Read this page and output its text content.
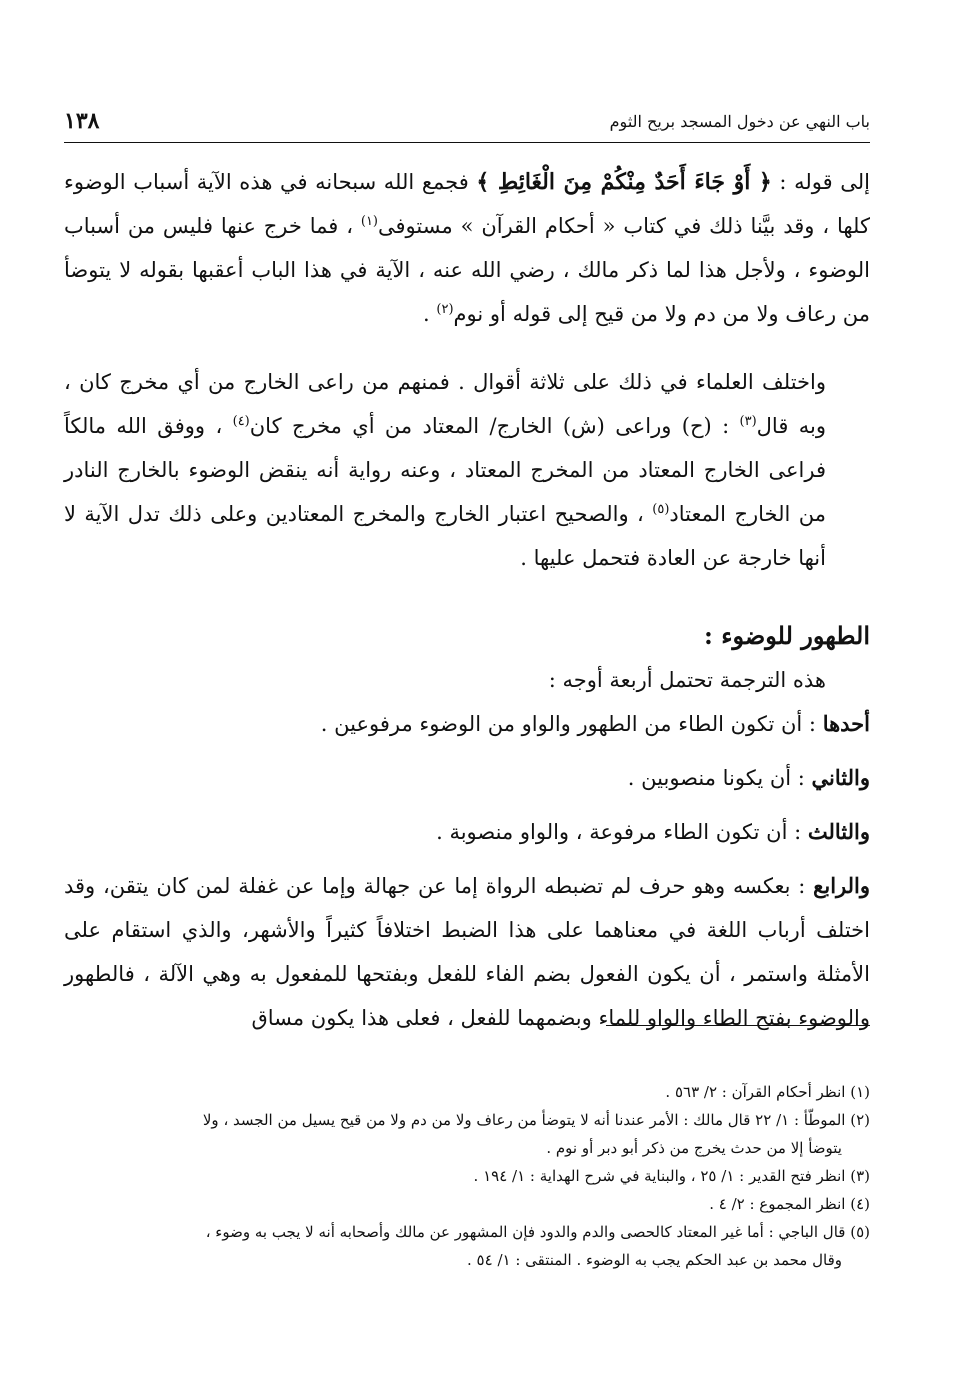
باب النهي عن دخول المسجد بريح الثوم
١٣٨

إلى قوله : ﴿ أَوْ جَاءَ أَحَدٌ مِنْكُمْ مِنَ الْغَائِطِ ﴾ فجمع الله سبحانه في هذه الآية أسباب الوضوء كلها ، وقد بيَّنا ذلك في كتاب « أحكام القرآن » مستوفى$^{(١)}$ ، فما خرج عنها فليس من أسباب الوضوء ، ولأجل هذا لما ذكر مالك ، رضي الله عنه ، الآية في هذا الباب أعقبها بقوله لا يتوضأ من رعاف ولا من دم ولا من قيح إلى قوله أو نوم$^{(٢)}$ .

واختلف العلماء في ذلك على ثلاثة أقوال . فمنهم من راعى الخارج من أي مخرج كان ، وبه قال$^{(٣)}$ : (ح) وراعى (ش) الخارج/ المعتاد من أي مخرج كان$^{(٤)}$ ، ووفق الله مالكاً فراعى الخارج المعتاد من المخرج المعتاد ، وعنه رواية أنه ينقض الوضوء بالخارج النادر من الخارج المعتاد$^{(٥)}$ ، والصحيح اعتبار الخارج والمخرج المعتادين وعلى ذلك تدل الآية لا أنها خارجة عن العادة فتحمل عليها .

الطهور للوضوء :

هذه الترجمة تحتمل أربعة أوجه :

أحدها : أن تكون الطاء من الطهور والواو من الوضوء مرفوعين .

والثاني : أن يكونا منصوبين .

والثالث : أن تكون الطاء مرفوعة ، والواو منصوبة .

والرابع : بعكسه وهو حرف لم تضبطه الرواة إما عن جهالة وإما عن غفلة لمن كان يتقن، وقد اختلف أرباب اللغة في معناهما على هذا الضبط اختلافاً كثيراً والأشهر، والذي استقام على الأمثلة واستمر ، أن يكون الفعول بضم الفاء للفعل وبفتحها للمفعول به وهي الآلة ، فالطهور والوضوء بفتح الطاء والواو للماء وبضمهما للفعل ، فعلى هذا يكون مساق

(١) انظر أحكام القرآن : ٢/ ٥٦٣ .

(٢) الموطّأ : ١/ ٢٢ قال مالك : الأمر عندنا أنه لا يتوضأ من رعاف ولا من دم ولا من قيح يسيل من الجسد ، ولا

يتوضأ إلا من حدث يخرج من ذكر أبو دبر أو نوم .

(٣) انظر فتح القدير : ١/ ٢٥ ، والبناية في شرح الهداية : ١/ ١٩٤ .

(٤) انظر المجموع : ٢/ ٤ .

(٥) قال الباجي : أما غير المعتاد كالحصى والدم والدود فإن المشهور عن مالك وأصحابه أنه لا يجب به وضوء ،

وقال محمد بن عبد الحكم يجب به الوضوء . المنتقى : ١/ ٥٤ .
